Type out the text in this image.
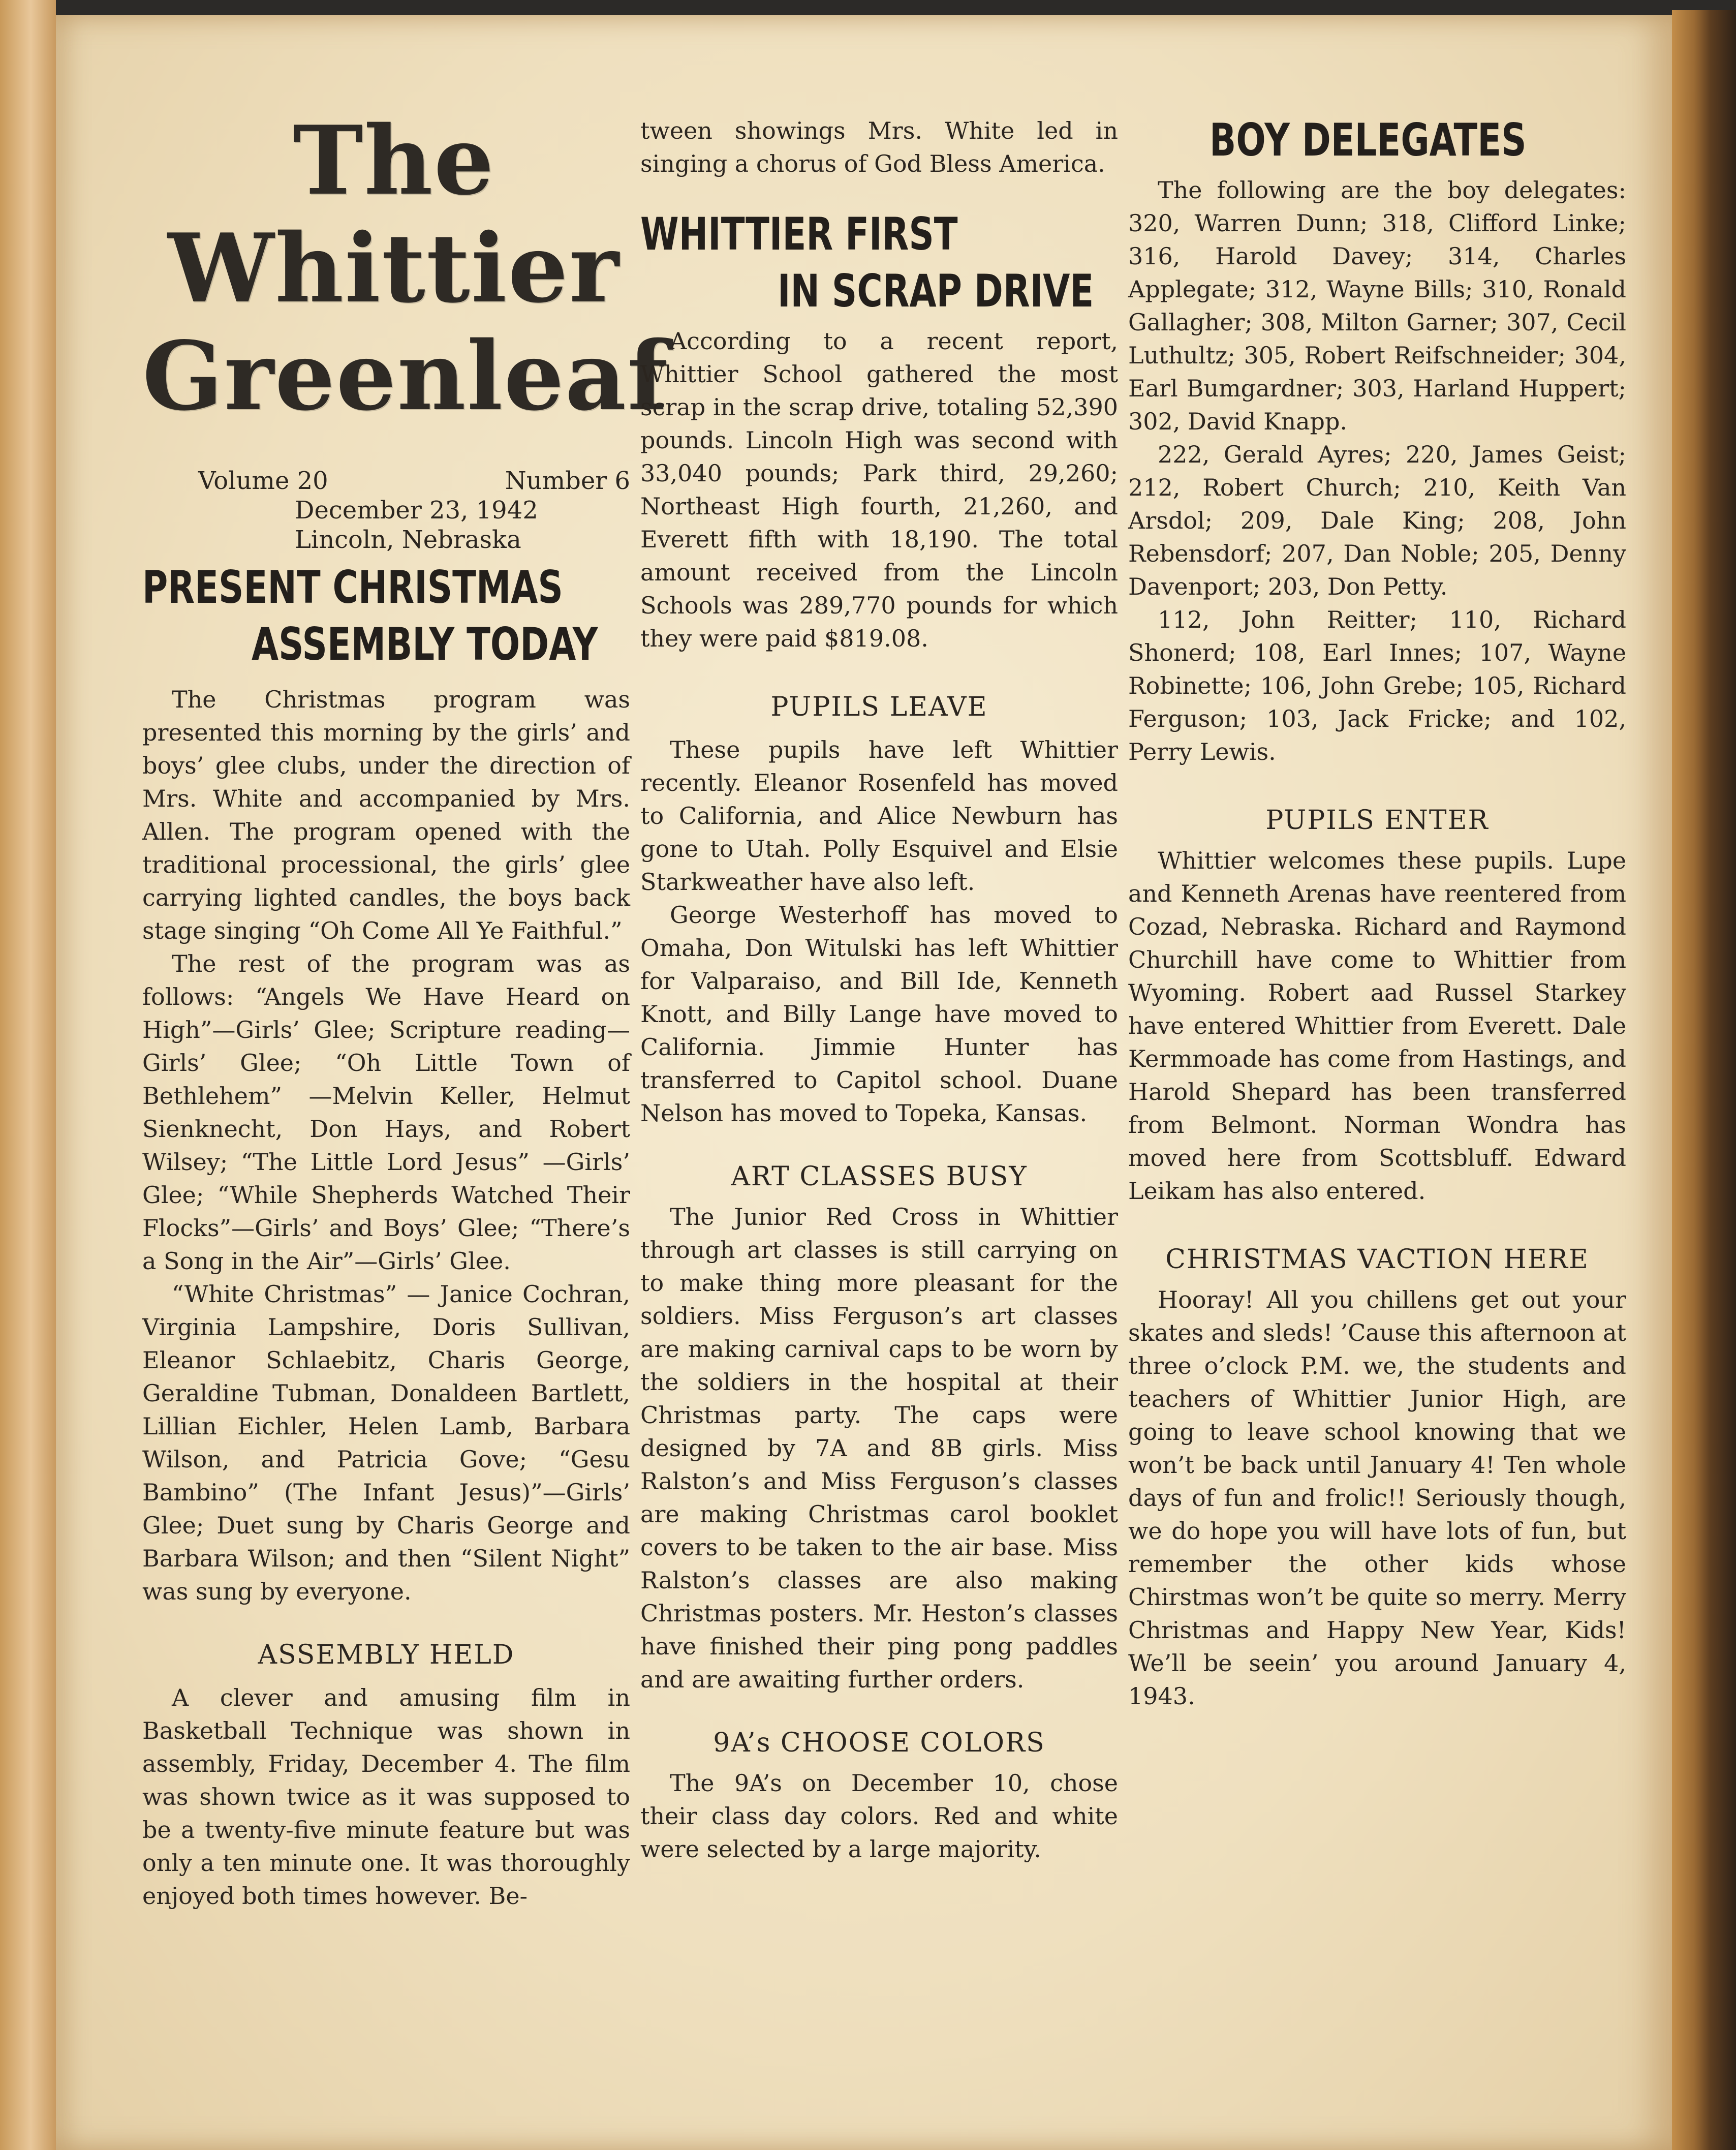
The
Whittier
Greenleaf
Volume 20	Number 6
December 23, 1942
Lincoln, Nebraska
PRESENT CHRISTMAS
ASSEMBLY TODAY

The Christmas program was presented this morning by the girls’ and boys’ glee clubs, under the direction of Mrs. White and accompanied by Mrs. Allen. The program opened with the traditional processional, the girls’ glee carrying lighted candles, the boys back stage singing “Oh Come All Ye Faithful.”

The rest of the program was as follows: “Angels We Have Heard on High”—Girls’ Glee; Scripture reading—Girls’ Glee; “Oh Little Town of Bethlehem” —Melvin Keller, Helmut Sienknecht, Don Hays, and Robert Wilsey; “The Little Lord Jesus” —Girls’ Glee; “While Shepherds Watched Their Flocks”—Girls’ and Boys’ Glee; “There’s a Song in the Air”—Girls’ Glee.

“White Christmas” — Janice Cochran, Virginia Lampshire, Doris Sullivan, Eleanor Schlaebitz, Charis George, Geraldine Tubman, Donaldeen Bartlett, Lillian Eichler, Helen Lamb, Barbara Wilson, and Patricia Gove; “Gesu Bambino” (The Infant Jesus)”—Girls’ Glee; Duet sung by Charis George and Barbara Wilson; and then “Silent Night” was sung by everyone.

ASSEMBLY HELD

A clever and amusing film in Basketball Technique was shown in assembly, Friday, December 4. The film was shown twice as it was supposed to be a twenty-five minute feature but was only a ten minute one. It was thoroughly enjoyed both times however. Be-

tween showings Mrs. White led in singing a chorus of God Bless America.

WHITTIER FIRST
IN SCRAP DRIVE

According to a recent report, Whittier School gathered the most scrap in the scrap drive, totaling 52,390 pounds. Lincoln High was second with 33,040 pounds; Park third, 29,260; Northeast High fourth, 21,260, and Everett fifth with 18,190. The total amount received from the Lincoln Schools was 289,770 pounds for which they were paid $819.08.

PUPILS LEAVE

These pupils have left Whittier recently. Eleanor Rosenfeld has moved to California, and Alice Newburn has gone to Utah. Polly Esquivel and Elsie Starkweather have also left.

George Westerhoff has moved to Omaha, Don Witulski has left Whittier for Valparaiso, and Bill Ide, Kenneth Knott, and Billy Lange have moved to California. Jimmie Hunter has transferred to Capitol school. Duane Nelson has moved to Topeka, Kansas.

ART CLASSES BUSY

The Junior Red Cross in Whittier through art classes is still carrying on to make thing more pleasant for the soldiers. Miss Ferguson’s art classes are making carnival caps to be worn by the soldiers in the hospital at their Christmas party. The caps were designed by 7A and 8B girls. Miss Ralston’s and Miss Ferguson’s classes are making Christmas carol booklet covers to be taken to the air base. Miss Ralston’s classes are also making Christmas posters. Mr. Heston’s classes have finished their ping pong paddles and are awaiting further orders.

9A’s CHOOSE COLORS

The 9A’s on December 10, chose their class day colors. Red and white were selected by a large majority.

BOY DELEGATES

The following are the boy delegates: 320, Warren Dunn; 318, Clifford Linke; 316, Harold Davey; 314, Charles Applegate; 312, Wayne Bills; 310, Ronald Gallagher; 308, Milton Garner; 307, Cecil Luthultz; 305, Robert Reifschneider; 304, Earl Bumgardner; 303, Harland Huppert; 302, David Knapp.

222, Gerald Ayres; 220, James Geist; 212, Robert Church; 210, Keith Van Arsdol; 209, Dale King; 208, John Rebensdorf; 207, Dan Noble; 205, Denny Davenport; 203, Don Petty.

112, John Reitter; 110, Richard Shonerd; 108, Earl Innes; 107, Wayne Robinette; 106, John Grebe; 105, Richard Ferguson; 103, Jack Fricke; and 102, Perry Lewis.

PUPILS ENTER

Whittier welcomes these pupils. Lupe and Kenneth Arenas have reentered from Cozad, Nebraska. Richard and Raymond Churchill have come to Whittier from Wyoming. Robert aad Russel Starkey have entered Whittier from Everett. Dale Kermmoade has come from Hastings, and Harold Shepard has been transferred from Belmont. Norman Wondra has moved here from Scottsbluff. Edward Leikam has also entered.

CHRISTMAS VACTION HERE

Hooray! All you chillens get out your skates and sleds! ’Cause this afternoon at three o’clock P.M. we, the students and teachers of Whittier Junior High, are going to leave school knowing that we won’t be back until January 4! Ten whole days of fun and frolic!! Seriously though, we do hope you will have lots of fun, but remember the other kids whose Chirstmas won’t be quite so merry. Merry Christmas and Happy New Year, Kids! We’ll be seein’ you around January 4, 1943.
